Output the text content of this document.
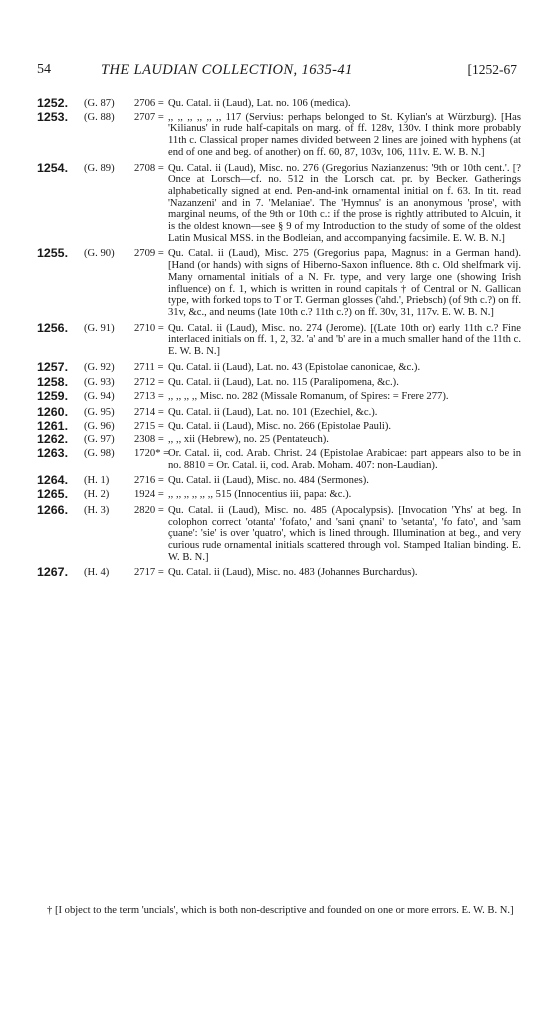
54	THE LAUDIAN COLLECTION, 1635-41	[1252-67
1252. (G. 87) 2706 = Qu. Catal. ii (Laud), Lat. no. 106 (medica).
1253. (G. 88) 2707 = ,, ,, ,, ,, ,, ,, 117 (Servius: perhaps belonged to St. Kylian's at Würzburg). [Has 'Kilianus' in rude half-capitals on marg. of ff. 128v, 130v. I think more probably 11th c. Classical proper names divided between 2 lines are joined with hyphens (at end of one and beg. of another) on ff. 60, 87, 103v, 106, 111v. E. W. B. N.]
1254. (G. 89) 2708 = Qu. Catal. ii (Laud), Misc. no. 276 (Gregorius Nazianzenus: '9th or 10th cent.'. [? Once at Lorsch—cf. no. 512 in the Lorsch cat. pr. by Becker. Gatherings alphabetically signed at end. Pen-and-ink ornamental initial on f. 63. In tit. read 'Nazanzeni' and in 7. 'Melaniae'. The 'Hymnus' is an anonymous 'prose', with marginal neums, of the 9th or 10th c.: if the prose is rightly attributed to Alcuin, it is the oldest known—see § 9 of my Introduction to the study of some of the oldest Latin Musical MSS. in the Bodleian, and accompanying facsimile. E. W. B. N.]
1255. (G. 90) 2709 = Qu. Catal. ii (Laud), Misc. 275 (Gregorius papa, Magnus: in a German hand). [Hand (or hands) with signs of Hiberno-Saxon influence. 8th c. Old shelfmark vij. Many ornamental initials of a N. Fr. type, and very large one (showing Irish influence) on f. 1, which is written in round capitals † of Central or N. Gallican type, with forked tops to T or T. German glosses ('ahd.', Priebsch) (of 9th c.?) on ff. 31v, &c., and neums (late 10th c.? 11th c.?) on ff. 30v, 31, 117v. E. W. B. N.]
1256. (G. 91) 2710 = Qu. Catal. ii (Laud), Misc. no. 274 (Jerome). [(Late 10th or) early 11th c.? Fine interlaced initials on ff. 1, 2, 32. 'a' and 'b' are in a much smaller hand of the 11th c. E. W. B. N.]
1257. (G. 92) 2711 = Qu. Catal. ii (Laud), Lat. no. 43 (Epistolae canonicae, &c.).
1258. (G. 93) 2712 = Qu. Catal. ii (Laud), Lat. no. 115 (Paralipomena, &c.).
1259. (G. 94) 2713 = ,, ,, ,, ,, Misc. no. 282 (Missale Romanum, of Spires: = Frere 277).
1260. (G. 95) 2714 = Qu. Catal. ii (Laud), Lat. no. 101 (Ezechiel, &c.).
1261. (G. 96) 2715 = Qu. Catal. ii (Laud), Misc. no. 266 (Epistolae Pauli).
1262. (G. 97) 2308 = ,, ,, xii (Hebrew), no. 25 (Pentateuch).
1263. (G. 98) 1720* =
Or. Catal. ii, cod. Arab. Christ. 24 (Epistolae Arabicae: part appears also to be in no. 8810 = Or. Catal. ii, cod. Arab. Moham. 407: non-Laudian).
1264. (H. 1) 2716 = Qu. Catal. ii (Laud), Misc. no. 484 (Sermones).
1265. (H. 2) 1924 = ,, ,, ,, ,, ,, ,, 515 (Innocentius iii, papa: &c.).
1266. (H. 3) 2820 = Qu. Catal. ii (Laud), Misc. no. 485 (Apocalypsis). [Invocation 'Yhs' at beg. In colophon correct 'otanta' 'fofato,' and 'sani çnani' to 'setanta', 'fo fato', and 'sam çuane': 'sie' is over 'quatro', which is lined through. Illumination at beg., and very curious rude ornamental initials scattered through vol. Stamped Italian binding. E. W. B. N.]
1267. (H. 4) 2717 = Qu. Catal. ii (Laud), Misc. no. 483 (Johannes Burchardus).
† [I object to the term 'uncials', which is both non-descriptive and founded on one or more errors. E. W. B. N.]
